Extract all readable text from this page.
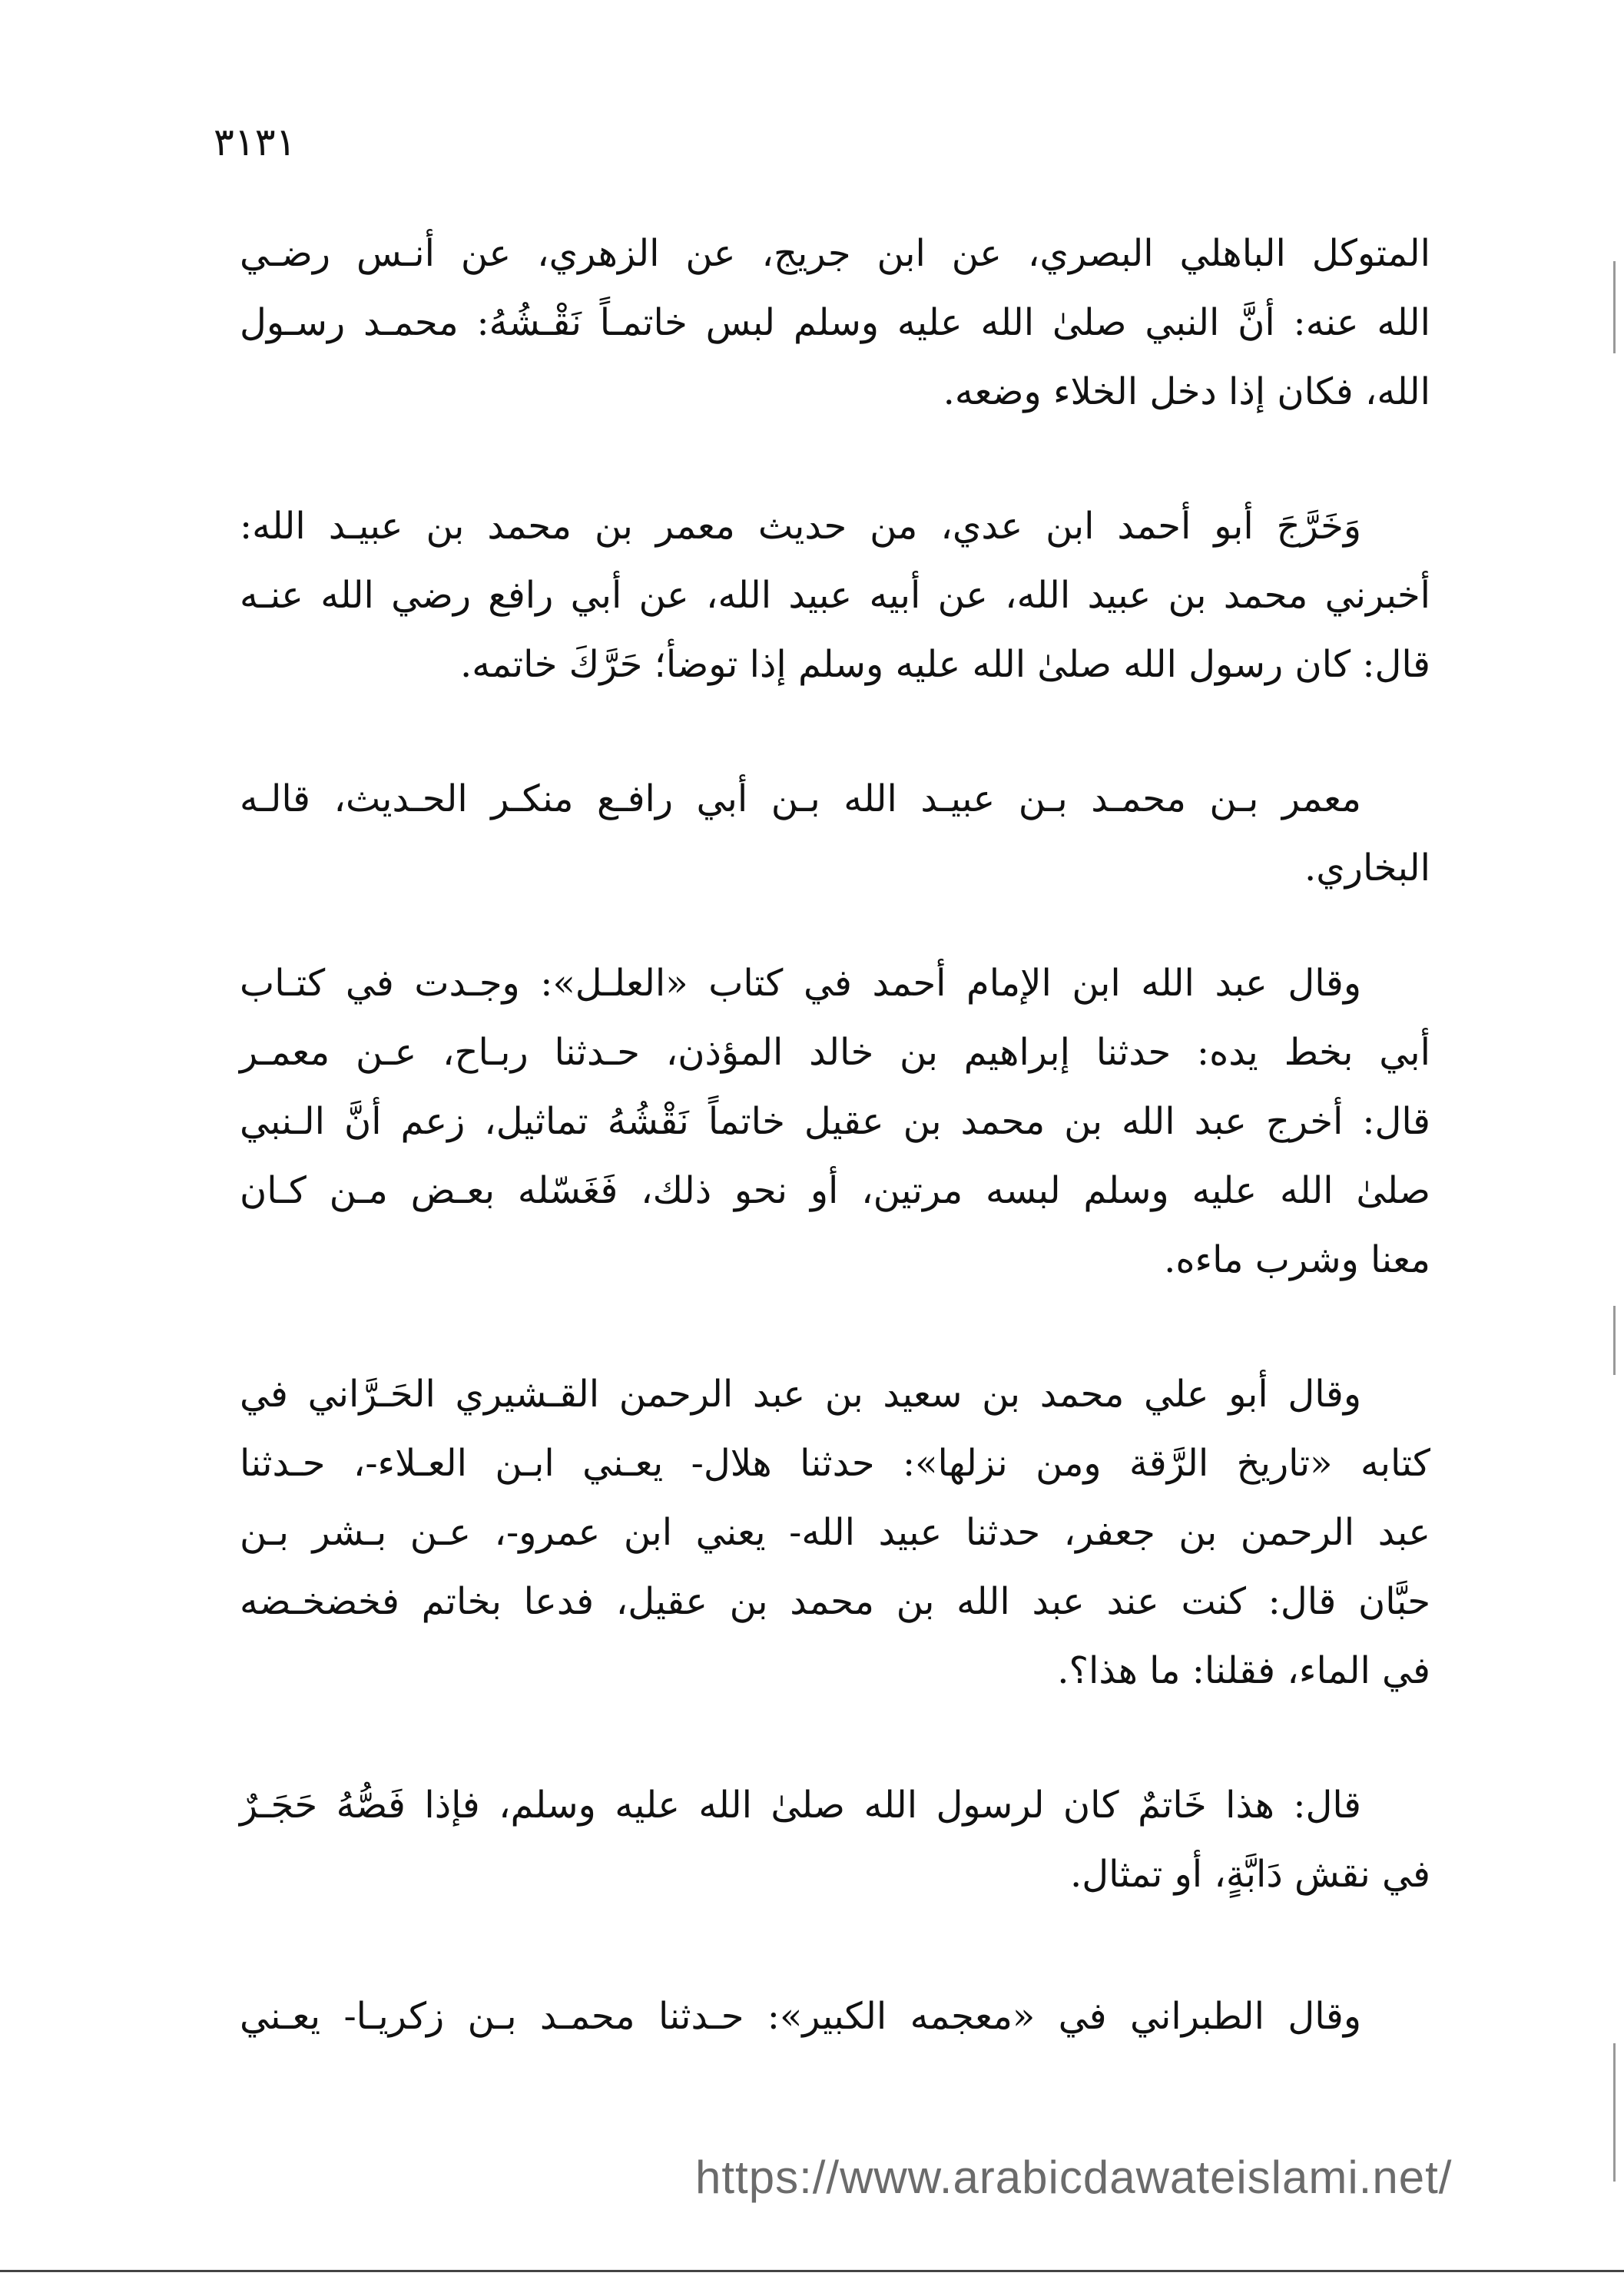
٣١٣١
المتوكل الباهلي البصري، عن ابن جريج، عن الزهري، عن أنـس رضـي
الله عنه: أنَّ النبي صلىٰ الله عليه وسلم لبس خاتمـاً نَقْـشُهُ: محمـد رسـول
الله، فكان إذا دخل الخلاء وضعه.
وَخَرَّجَ أبو أحمد ابن عدي، من حديث معمر بن محمد بن عبيـد الله:
أخبرني محمد بن عبيد الله، عن أبيه عبيد الله، عن أبي رافع رضي الله عنـه
قال: كان رسول الله صلىٰ الله عليه وسلم إذا توضأ؛ حَرَّكَ خاتمه.
معمر بـن محمـد بـن عبيـد الله بـن أبي رافـع منكـر الحـديث، قالـه
البخاري.
وقال عبد الله ابن الإمام أحمد في كتاب «العلـل»: وجـدت في كتـاب
أبي بخط يده: حدثنا إبراهيم بن خالد المؤذن، حـدثنا ربـاح، عـن معمـر
قال: أخرج عبد الله بن محمد بن عقيل خاتماً نَقْشُهُ تماثيل، زعم أنَّ الـنبي
صلىٰ الله عليه وسلم لبسه مرتين، أو نحو ذلك، فَغَسّله بعـض مـن كـان
معنا وشرب ماءه.
وقال أبو علي محمد بن سعيد بن عبد الرحمن القـشيري الحَـرَّاني في
كتابه «تاريخ الرَّقة ومن نزلها»: حدثنا هلال- يعـني ابـن العـلاء-، حـدثنا
عبد الرحمن بن جعفر، حدثنا عبيد الله- يعني ابن عمرو-، عـن بـشر بـن
حبَّان قال: كنت عند عبد الله بن محمد بن عقيل، فدعا بخاتم فخضخـضه
في الماء، فقلنا: ما هذا؟.
قال: هذا خَاتمٌ كان لرسول الله صلىٰ الله عليه وسلم، فإذا فَصُّهُ حَجَـرٌ
في نقش دَابَّةٍ، أو تمثال.
وقال الطبراني في «معجمه الكبير»: حـدثنا محمـد بـن زكريـا- يعـني
https://www.arabicdawateislami.net/
